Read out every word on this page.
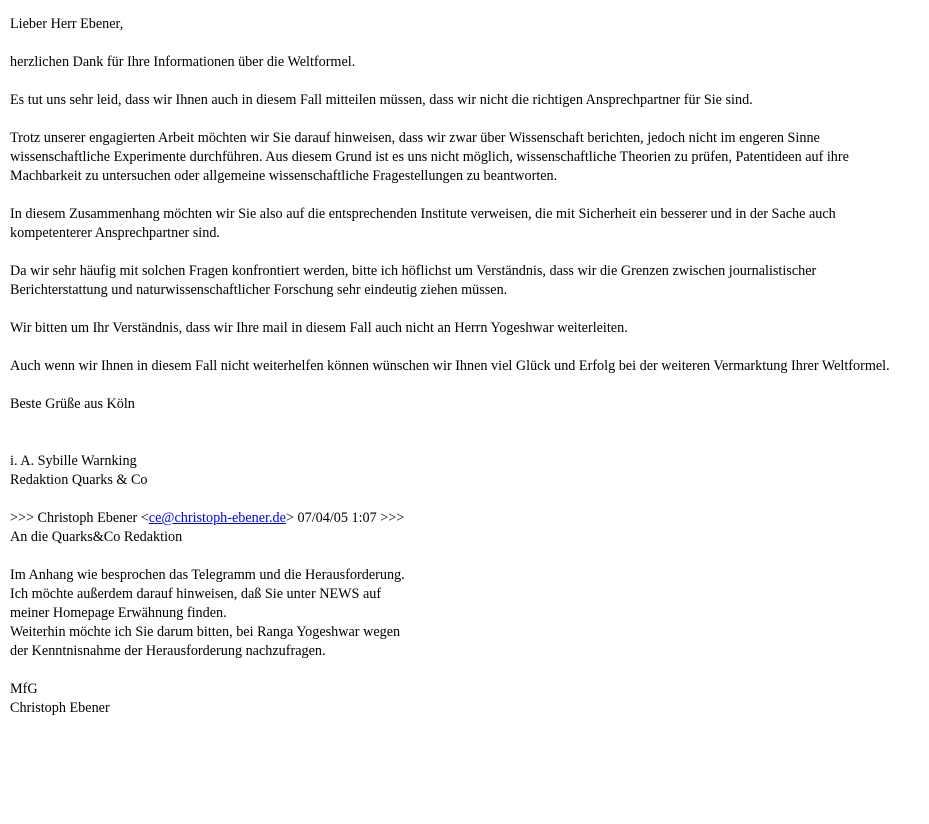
Lieber Herr Ebener,

herzlichen Dank für Ihre Informationen über die Weltformel.

Es tut uns sehr leid, dass wir Ihnen auch in diesem Fall mitteilen müssen, dass wir nicht die richtigen Ansprechpartner für Sie sind.

Trotz unserer engagierten Arbeit möchten wir Sie darauf hinweisen, dass wir zwar über Wissenschaft berichten, jedoch nicht im engeren Sinne wissenschaftliche Experimente durchführen. Aus diesem Grund ist es uns nicht möglich, wissenschaftliche Theorien zu prüfen, Patentideen auf ihre Machbarkeit zu untersuchen oder allgemeine wissenschaftliche Fragestellungen zu beantworten.

In diesem Zusammenhang möchten wir Sie also auf die entsprechenden Institute verweisen, die mit Sicherheit ein besserer und in der Sache auch kompetenterer Ansprechpartner sind.

Da wir sehr häufig mit solchen Fragen konfrontiert werden, bitte ich höflichst um Verständnis, dass wir die Grenzen zwischen journalistischer Berichterstattung und naturwissenschaftlicher Forschung sehr eindeutig ziehen müssen.

Wir bitten um Ihr Verständnis, dass wir Ihre mail in diesem Fall auch nicht an Herrn Yogeshwar weiterleiten.

Auch wenn wir Ihnen in diesem Fall nicht weiterhelfen können wünschen wir Ihnen viel Glück und Erfolg bei der weiteren Vermarktung Ihrer Weltformel.

Beste Grüße aus Köln

i. A. Sybille Warnking
Redaktion Quarks & Co
>>> Christoph Ebener <ce@christoph-ebener.de> 07/04/05 1:07 >>>
An die Quarks&Co Redaktion
Im Anhang wie besprochen das Telegramm und die Herausforderung.
Ich möchte außerdem darauf hinweisen, daß Sie unter NEWS auf
meiner Homepage Erwähnung finden.
Weiterhin möchte ich Sie darum bitten, bei Ranga Yogeshwar wegen
der Kenntnisnahme der Herausforderung nachzufragen.
MfG
Christoph Ebener
